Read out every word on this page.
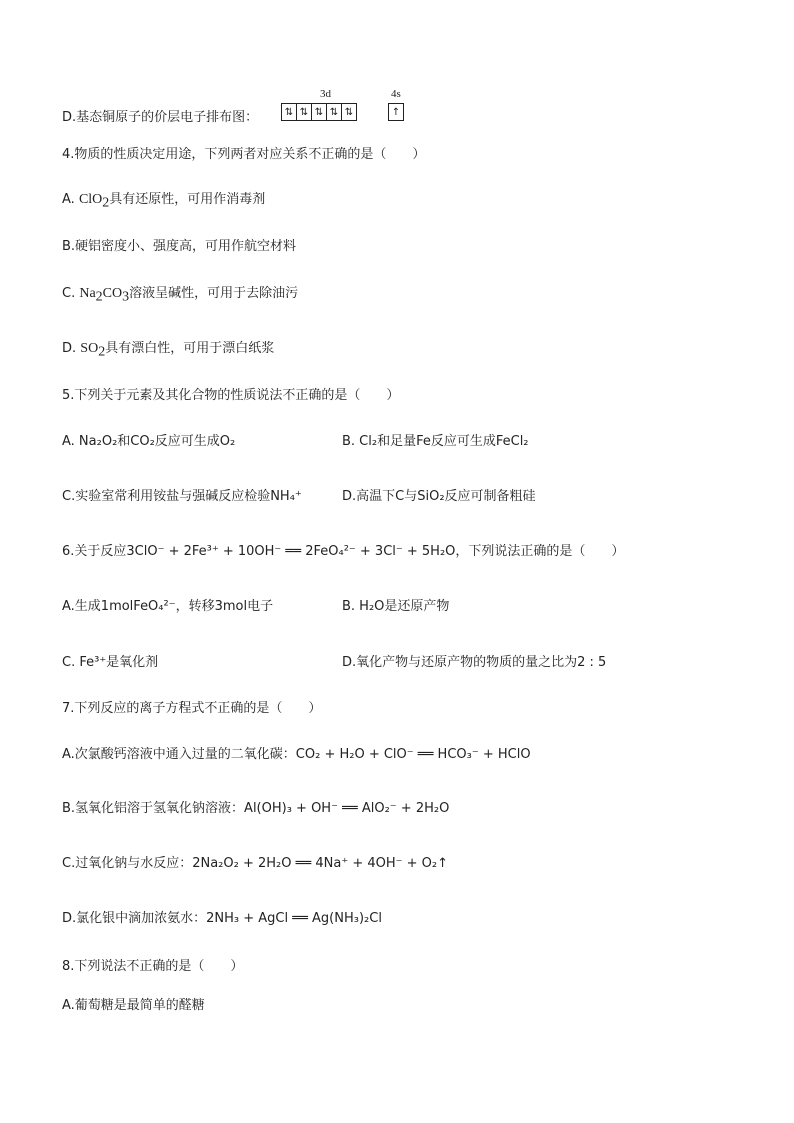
D.基态铜原子的价层电子排布图：
3d	4s
⇅
⇅
⇅
⇅
⇅
↑
4.物质的性质决定用途，下列两者对应关系不正确的是（　　）
A. ClO$_2$具有还原性，可用作消毒剂
B.硬铝密度小、强度高，可用作航空材料
C. $Na_2CO_3$溶液呈碱性，可用于去除油污
D. $SO_2$具有漂白性，可用于漂白纸浆
5.下列关于元素及其化合物的性质说法不正确的是（　　）
A. Na₂O₂和CO₂反应可生成O₂	B. Cl₂和足量Fe反应可生成FeCl₂
C.实验室常利用铵盐与强碱反应检验NH₄⁺	D.高温下C与SiO₂反应可制备粗硅
6.关于反应3ClO⁻ + 2Fe³⁺ + 10OH⁻ ══ 2FeO₄²⁻ + 3Cl⁻ + 5H₂O，下列说法正确的是（　　）
A.生成1molFeO₄²⁻，转移3mol电子	B. H₂O是还原产物
C. Fe³⁺是氧化剂	D.氧化产物与还原产物的物质的量之比为2 : 5
7.下列反应的离子方程式不正确的是（　　）
A.次氯酸钙溶液中通入过量的二氧化碳：CO₂ + H₂O + ClO⁻ ══ HCO₃⁻ + HClO
B.氢氧化铝溶于氢氧化钠溶液：Al(OH)₃ + OH⁻ ══ AlO₂⁻ + 2H₂O
C.过氧化钠与水反应：2Na₂O₂ + 2H₂O ══ 4Na⁺ + 4OH⁻ + O₂↑
D.氯化银中滴加浓氨水：2NH₃ + AgCl ══ Ag(NH₃)₂Cl
8.下列说法不正确的是（　　）
A.葡萄糖是最简单的醛糖
